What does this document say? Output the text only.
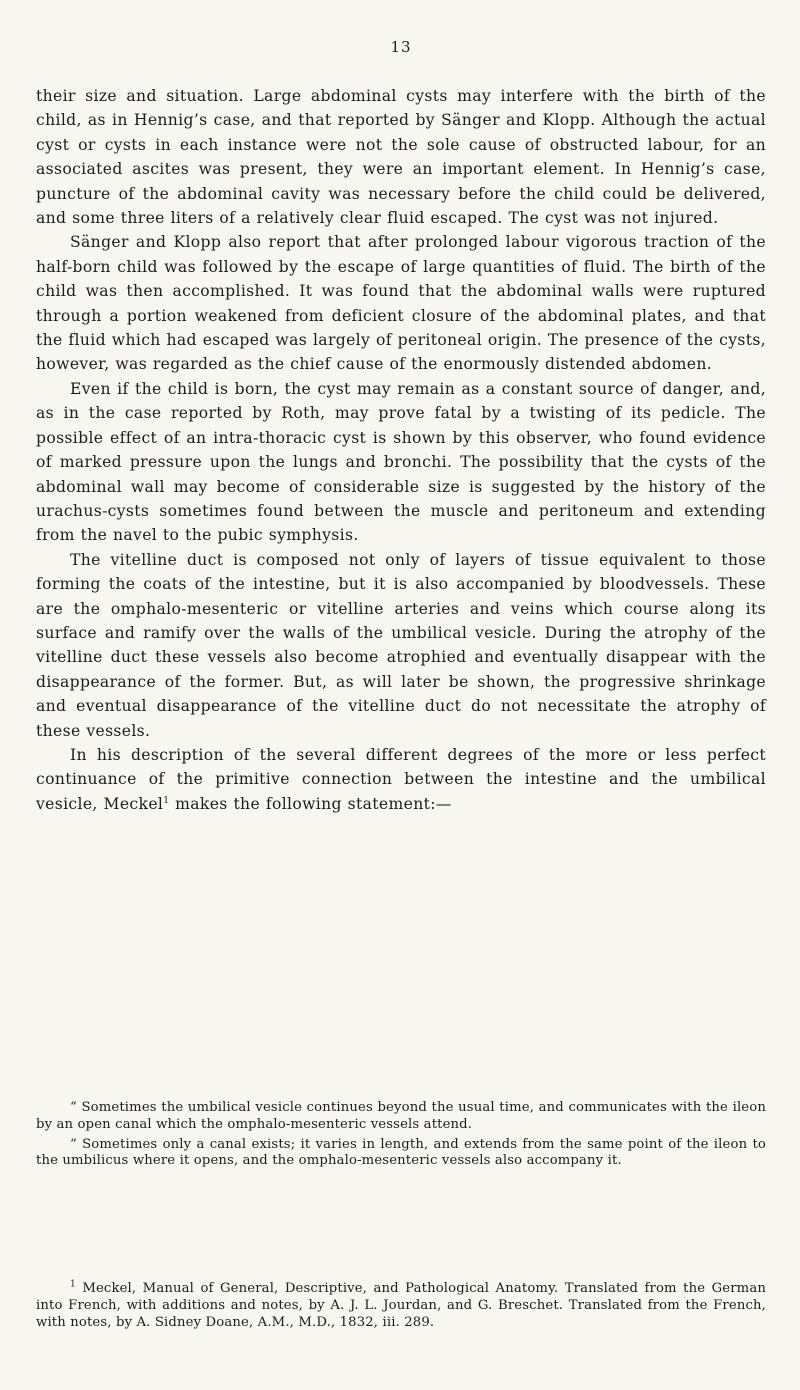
13

their size and situation. Large abdominal cysts may interfere with the birth of the child, as in Hennig’s case, and that reported by Sänger and Klopp. Although the actual cyst or cysts in each instance were not the sole cause of obstructed labour, for an associated ascites was present, they were an important element. In Hennig’s case, puncture of the abdominal cavity was necessary before the child could be delivered, and some three liters of a relatively clear fluid escaped. The cyst was not injured.

Sänger and Klopp also report that after prolonged labour vigorous traction of the half-born child was followed by the escape of large quantities of fluid. The birth of the child was then accomplished. It was found that the abdominal walls were ruptured through a portion weakened from deficient closure of the abdominal plates, and that the fluid which had escaped was largely of peritoneal origin. The presence of the cysts, however, was regarded as the chief cause of the enormously distended abdomen.

Even if the child is born, the cyst may remain as a constant source of danger, and, as in the case reported by Roth, may prove fatal by a twisting of its pedicle. The possible effect of an intra-thoracic cyst is shown by this observer, who found evidence of marked pressure upon the lungs and bronchi. The possibility that the cysts of the abdominal wall may become of considerable size is suggested by the history of the urachus-cysts sometimes found between the muscle and peritoneum and extending from the navel to the pubic symphysis.

The vitelline duct is composed not only of layers of tissue equivalent to those forming the coats of the intestine, but it is also accompanied by bloodvessels. These are the omphalo-mesenteric or vitelline arteries and veins which course along its surface and ramify over the walls of the umbilical vesicle. During the atrophy of the vitelline duct these vessels also become atrophied and eventually disappear with the disappearance of the former. But, as will later be shown, the progressive shrinkage and eventual disappearance of the vitelline duct do not necessitate the atrophy of these vessels.

In his description of the several different degrees of the more or less perfect continuance of the primitive connection between the intestine and the umbilical vesicle, Meckel$^1$ makes the following statement:—

“ Sometimes the umbilical vesicle continues beyond the usual time, and communicates with the ileon by an open canal which the omphalo-mesenteric vessels attend.

“ Sometimes only a canal exists; it varies in length, and extends from the same point of the ileon to the umbilicus where it opens, and the omphalo-mesenteric vessels also accompany it.

$^1$ Meckel, Manual of General, Descriptive, and Pathological Anatomy. Translated from the German into French, with additions and notes, by A. J. L. Jourdan, and G. Breschet. Translated from the French, with notes, by A. Sidney Doane, A.M., M.D., 1832, iii. 289.
